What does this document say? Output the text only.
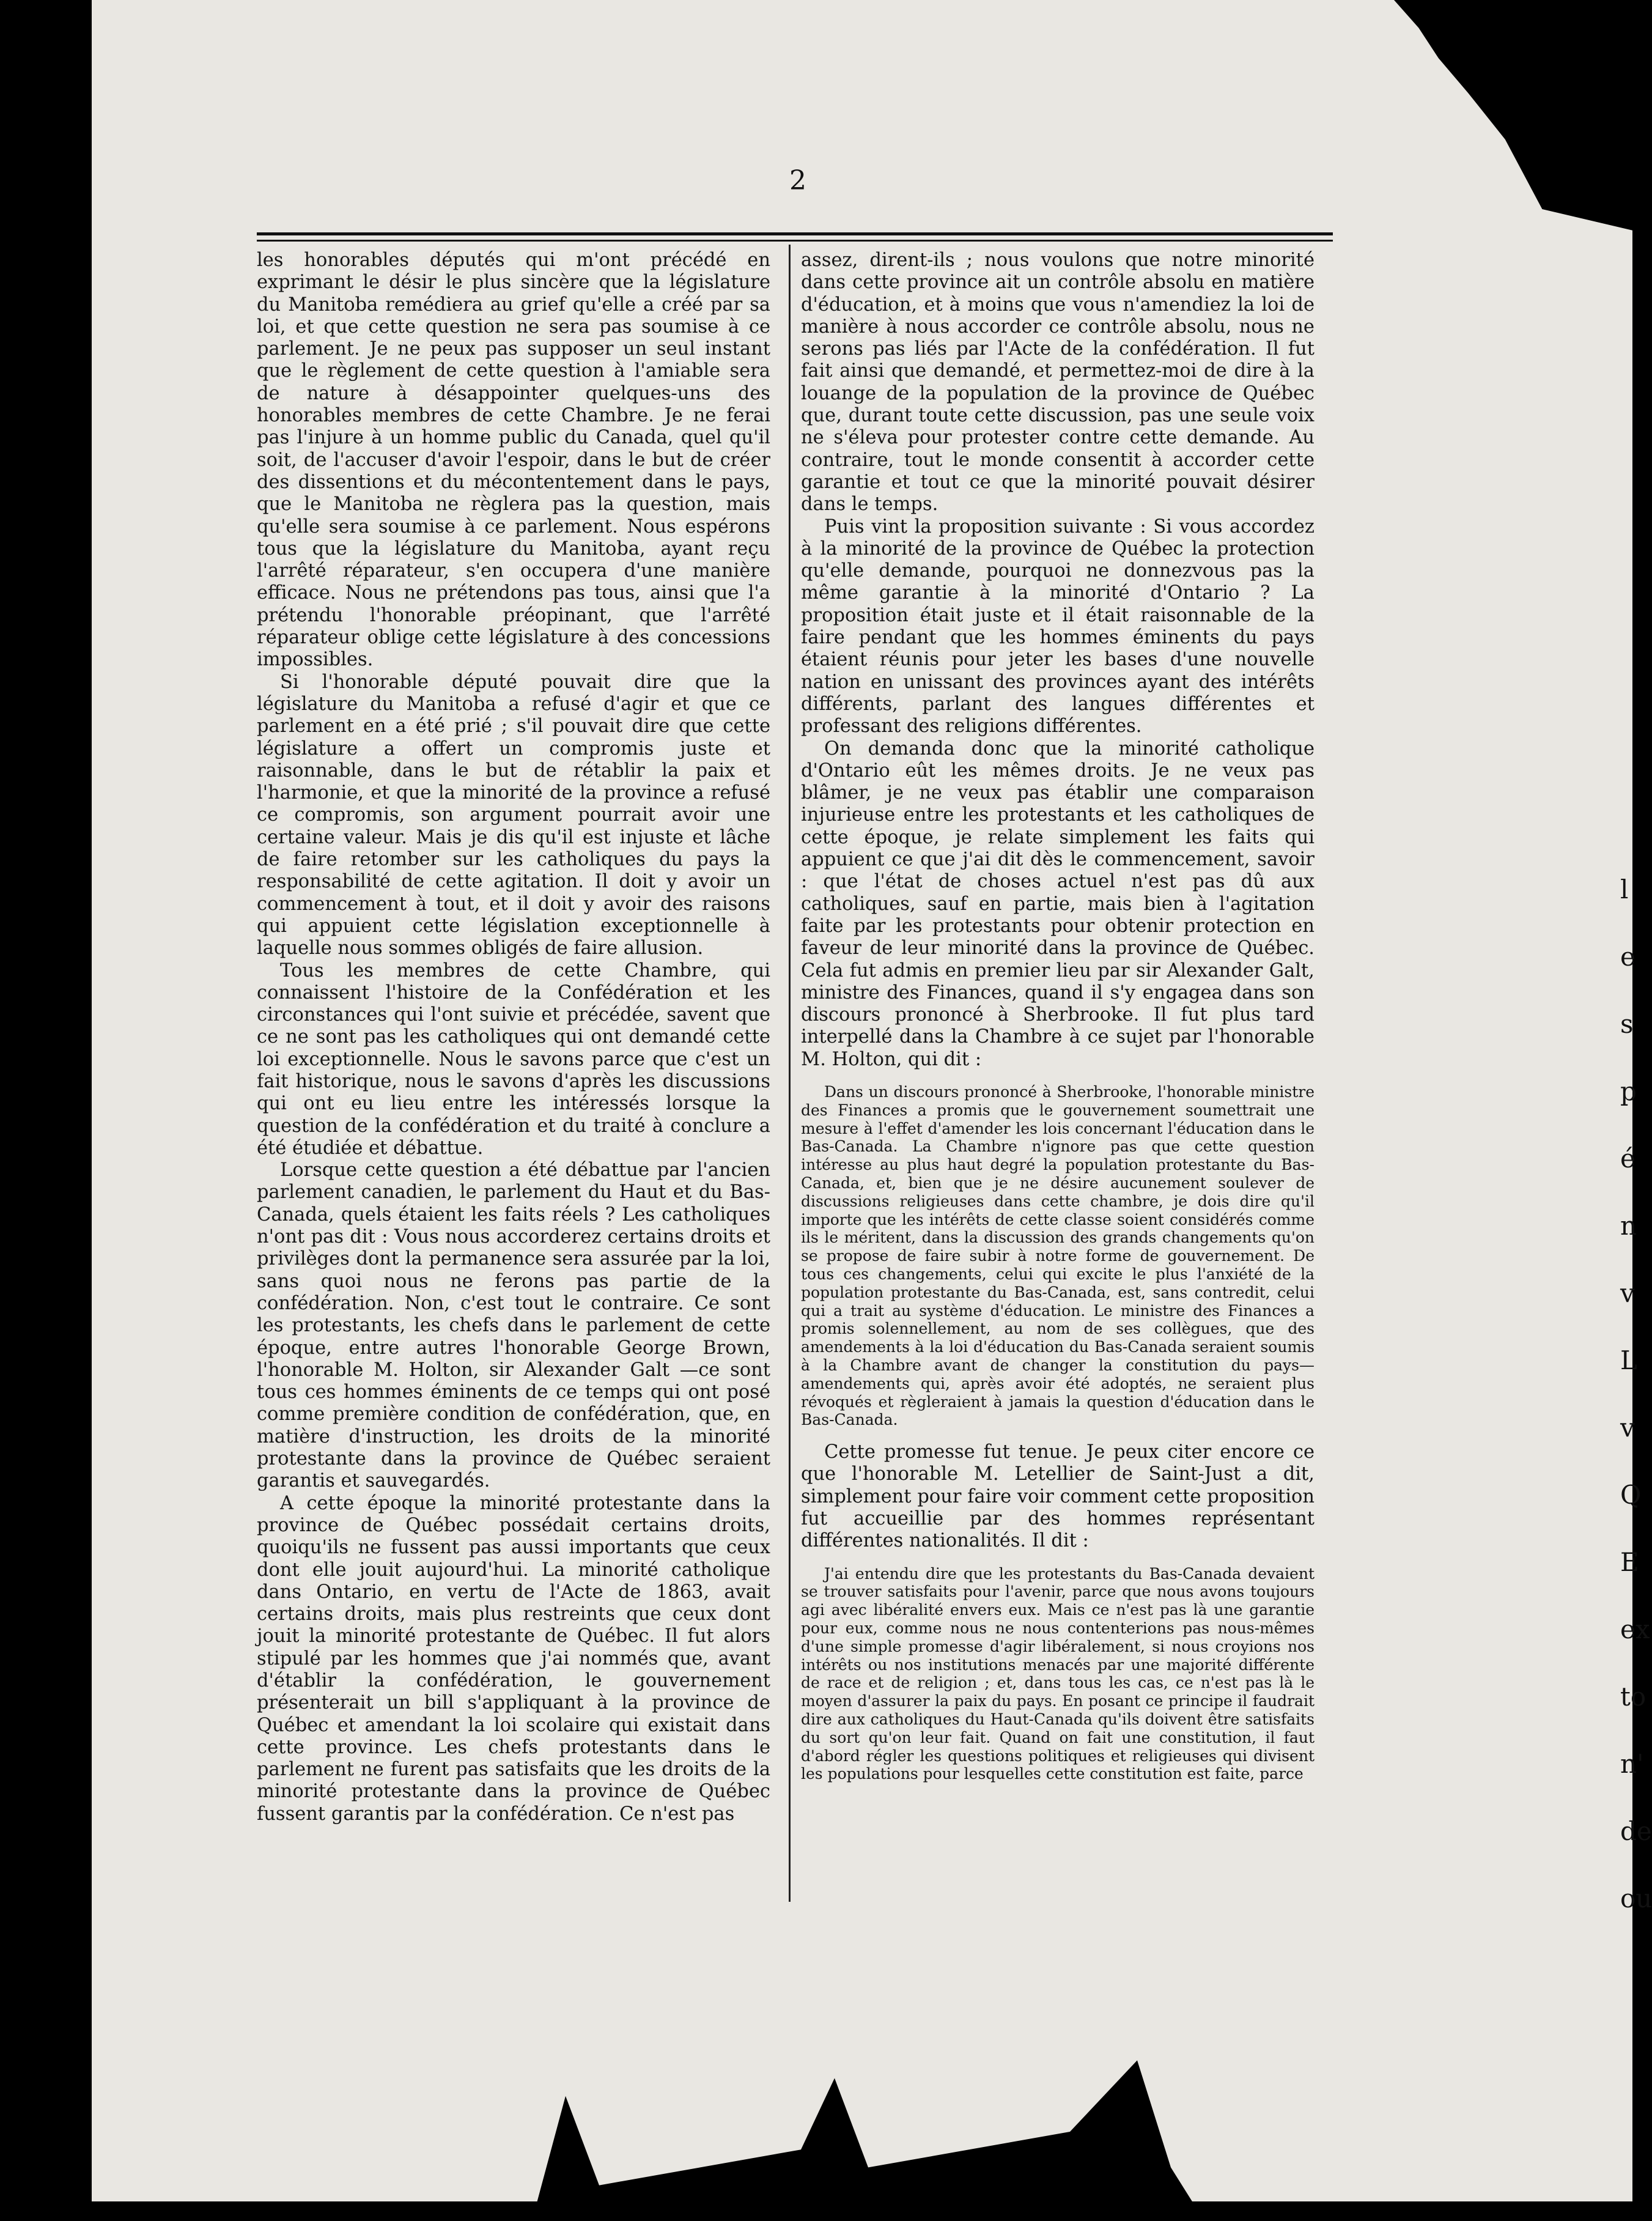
2

les honorables députés qui m'ont précédé en exprimant le désir le plus sincère que la législature du Manitoba remédiera au grief qu'elle a créé par sa loi, et que cette question ne sera pas soumise à ce parlement. Je ne peux pas supposer un seul instant que le règlement de cette question à l'amiable sera de nature à désappointer quelques-uns des honorables membres de cette Chambre. Je ne ferai pas l'injure à un homme public du Canada, quel qu'il soit, de l'accuser d'avoir l'espoir, dans le but de créer des dissentions et du mécontentement dans le pays, que le Manitoba ne règlera pas la question, mais qu'elle sera soumise à ce parlement. Nous espérons tous que la législature du Manitoba, ayant reçu l'arrêté réparateur, s'en occupera d'une manière efficace. Nous ne prétendons pas tous, ainsi que l'a prétendu l'honorable préopinant, que l'arrêté réparateur oblige cette législature à des concessions impossibles.

Si l'honorable député pouvait dire que la législature du Manitoba a refusé d'agir et que ce parlement en a été prié ; s'il pouvait dire que cette législature a offert un compromis juste et raisonnable, dans le but de rétablir la paix et l'harmonie, et que la minorité de la province a refusé ce compromis, son argument pourrait avoir une certaine valeur. Mais je dis qu'il est injuste et lâche de faire retomber sur les catholiques du pays la responsabilité de cette agitation. Il doit y avoir un commencement à tout, et il doit y avoir des raisons qui appuient cette législation exceptionnelle à laquelle nous sommes obligés de faire allusion.

Tous les membres de cette Chambre, qui connaissent l'histoire de la Confédération et les circonstances qui l'ont suivie et précédée, savent que ce ne sont pas les catholiques qui ont demandé cette loi exceptionnelle. Nous le savons parce que c'est un fait historique, nous le savons d'après les discussions qui ont eu lieu entre les intéressés lorsque la question de la confédération et du traité à conclure a été étudiée et débattue.

Lorsque cette question a été débattue par l'ancien parlement canadien, le parlement du Haut et du Bas-Canada, quels étaient les faits réels ? Les catholiques n'ont pas dit : Vous nous accorderez certains droits et privilèges dont la permanence sera assurée par la loi, sans quoi nous ne ferons pas partie de la confédération. Non, c'est tout le contraire. Ce sont les protestants, les chefs dans le parlement de cette époque, entre autres l'honorable George Brown, l'honorable M. Holton, sir Alexander Galt —ce sont tous ces hommes éminents de ce temps qui ont posé comme première condition de confédération, que, en matière d'instruction, les droits de la minorité protestante dans la province de Québec seraient garantis et sauvegardés.

A cette époque la minorité protestante dans la province de Québec possédait certains droits, quoiqu'ils ne fussent pas aussi importants que ceux dont elle jouit aujourd'hui. La minorité catholique dans Ontario, en vertu de l'Acte de 1863, avait certains droits, mais plus restreints que ceux dont jouit la minorité protestante de Québec. Il fut alors stipulé par les hommes que j'ai nommés que, avant d'établir la confédération, le gouvernement présenterait un bill s'appliquant à la province de Québec et amendant la loi scolaire qui existait dans cette province. Les chefs protestants dans le parlement ne furent pas satisfaits que les droits de la minorité protestante dans la province de Québec fussent garantis par la confédération. Ce n'est pas

assez, dirent-ils ; nous voulons que notre minorité dans cette province ait un contrôle absolu en matière d'éducation, et à moins que vous n'amendiez la loi de manière à nous accorder ce contrôle absolu, nous ne serons pas liés par l'Acte de la confédération. Il fut fait ainsi que demandé, et permettez-moi de dire à la louange de la population de la province de Québec que, durant toute cette discussion, pas une seule voix ne s'éleva pour protester contre cette demande. Au contraire, tout le monde consentit à accorder cette garantie et tout ce que la minorité pouvait désirer dans le temps.

Puis vint la proposition suivante : Si vous accordez à la minorité de la province de Québec la protection qu'elle demande, pourquoi ne donnezvous pas la même garantie à la minorité d'Ontario ? La proposition était juste et il était raisonnable de la faire pendant que les hommes éminents du pays étaient réunis pour jeter les bases d'une nouvelle nation en unissant des provinces ayant des intérêts différents, parlant des langues différentes et professant des religions différentes.

On demanda donc que la minorité catholique d'Ontario eût les mêmes droits. Je ne veux pas blâmer, je ne veux pas établir une comparaison injurieuse entre les protestants et les catholiques de cette époque, je relate simplement les faits qui appuient ce que j'ai dit dès le commencement, savoir : que l'état de choses actuel n'est pas dû aux catholiques, sauf en partie, mais bien à l'agitation faite par les protestants pour obtenir protection en faveur de leur minorité dans la province de Québec. Cela fut admis en premier lieu par sir Alexander Galt, ministre des Finances, quand il s'y engagea dans son discours prononcé à Sherbrooke. Il fut plus tard interpellé dans la Chambre à ce sujet par l'honorable M. Holton, qui dit :

Dans un discours prononcé à Sherbrooke, l'honorable ministre des Finances a promis que le gouvernement soumettrait une mesure à l'effet d'amender les lois concernant l'éducation dans le Bas-Canada. La Chambre n'ignore pas que cette question intéresse au plus haut degré la population protestante du Bas-Canada, et, bien que je ne désire aucunement soulever de discussions religieuses dans cette chambre, je dois dire qu'il importe que les intérêts de cette classe soient considérés comme ils le méritent, dans la discussion des grands changements qu'on se propose de faire subir à notre forme de gouvernement. De tous ces changements, celui qui excite le plus l'anxiété de la population protestante du Bas-Canada, est, sans contredit, celui qui a trait au système d'éducation. Le ministre des Finances a promis solennellement, au nom de ses collègues, que des amendements à la loi d'éducation du Bas-Canada seraient soumis à la Chambre avant de changer la constitution du pays—amendements qui, après avoir été adoptés, ne seraient plus révoqués et règleraient à jamais la question d'éducation dans le Bas-Canada.

Cette promesse fut tenue. Je peux citer encore ce que l'honorable M. Letellier de Saint-Just a dit, simplement pour faire voir comment cette proposition fut accueillie par des hommes représentant différentes nationalités. Il dit :

J'ai entendu dire que les protestants du Bas-Canada devaient se trouver satisfaits pour l'avenir, parce que nous avons toujours agi avec libéralité envers eux. Mais ce n'est pas là une garantie pour eux, comme nous ne nous contenterions pas nous-mêmes d'une simple promesse d'agir libéralement, si nous croyions nos intérêts ou nos institutions menacés par une majorité différente de race et de religion ; et, dans tous les cas, ce n'est pas là le moyen d'assurer la paix du pays. En posant ce principe il faudrait dire aux catholiques du Haut-Canada qu'ils doivent être satisfaits du sort qu'on leur fait. Quand on fait une constitution, il faut d'abord régler les questions politiques et religieuses qui divisent les populations pour lesquelles cette constitution est faite, parce

l
e
s
p
é
n
v
L
v
Q
E
ex
to
n'
de
ou
